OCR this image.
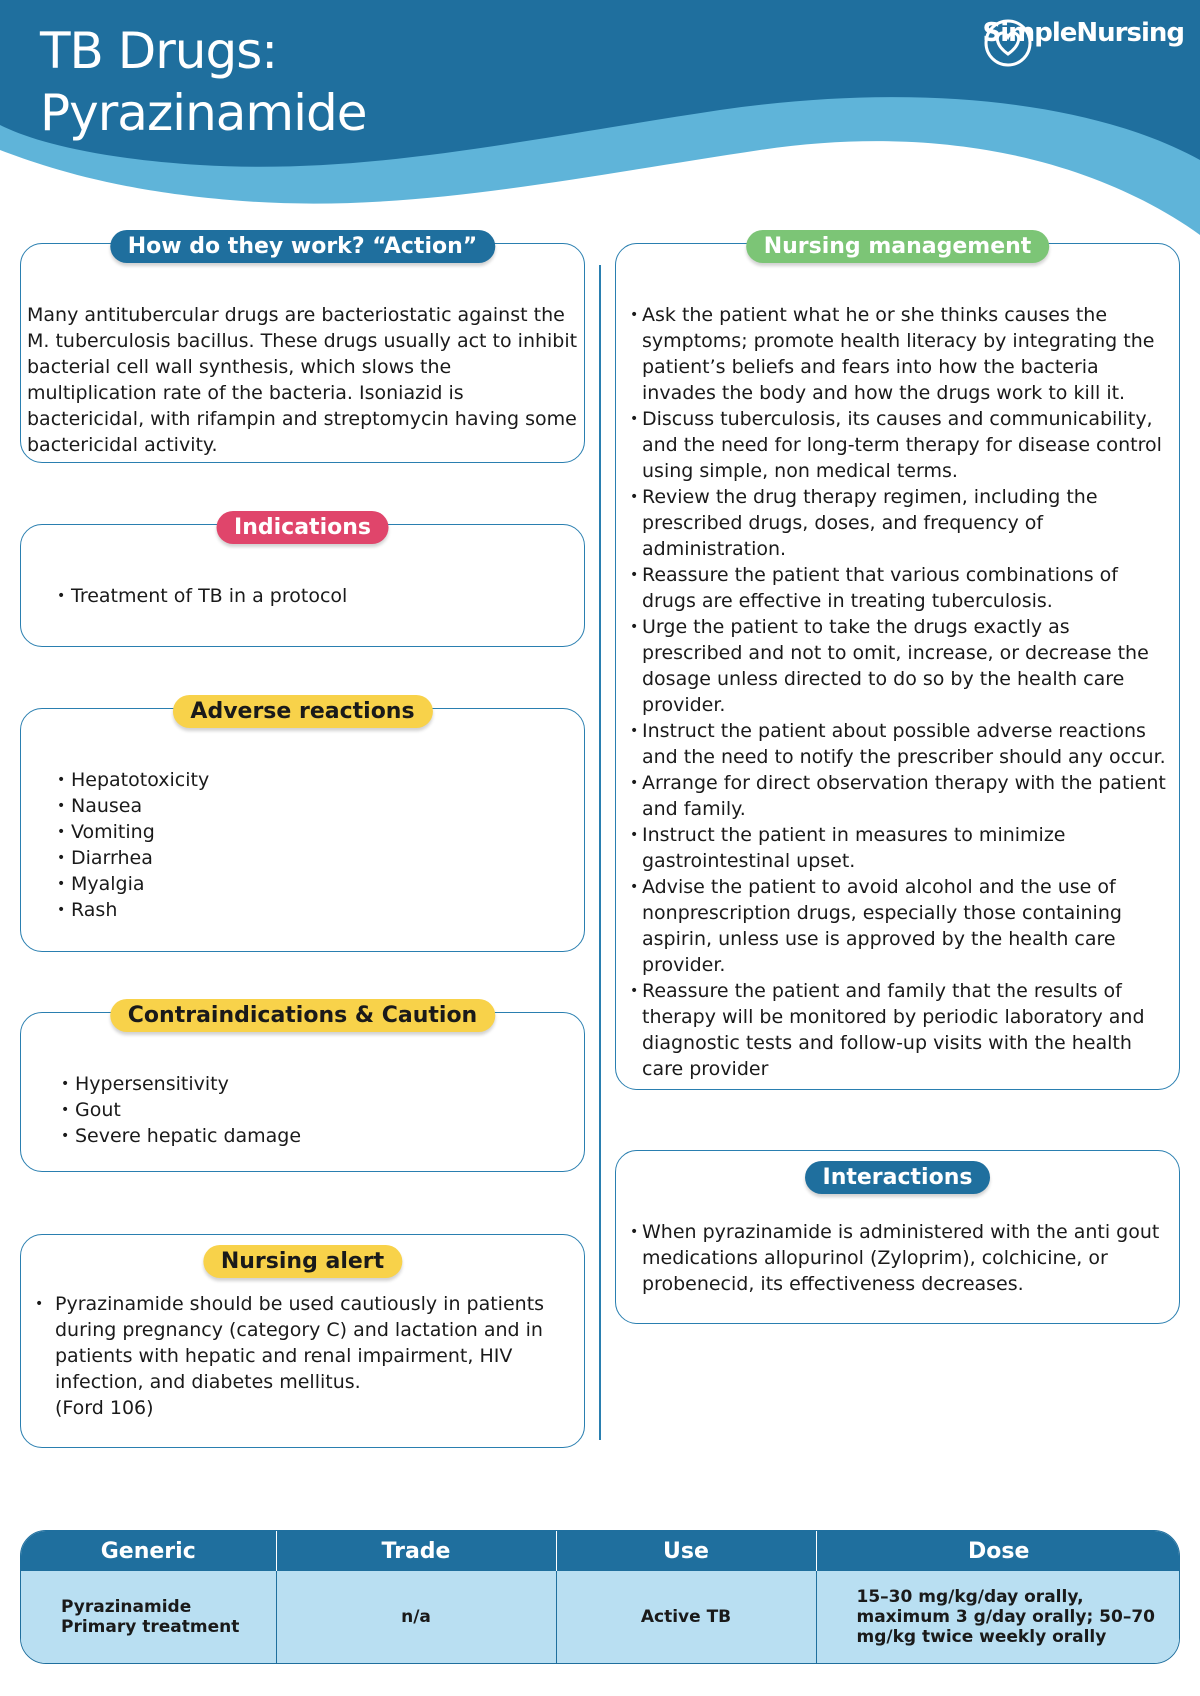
TB Drugs:
Pyrazinamide
SimpleNursing
How do they work? “Action”
Many antitubercular drugs are bacteriostatic against the M. tuberculosis bacillus. These drugs usually act to inhibit bacterial cell wall synthesis, which slows the multiplication rate of the bacteria. Isoniazid is bactericidal, with rifampin and streptomycin having some bactericidal activity.
Indications
• Treatment of TB in a protocol
Adverse reactions
• Hepatotoxicity
• Nausea
• Vomiting
• Diarrhea
• Myalgia
• Rash
Contraindications & Caution
• Hypersensitivity
• Gout
• Severe hepatic damage
Nursing alert
• Pyrazinamide should be used cautiously in patients during pregnancy (category C) and lactation and in patients with hepatic and renal impairment, HIV infection, and diabetes mellitus.
(Ford 106)
Nursing management
• Ask the patient what he or she thinks causes the symptoms; promote health literacy by integrating the patient’s beliefs and fears into how the bacteria invades the body and how the drugs work to kill it.
• Discuss tuberculosis, its causes and communicability, and the need for long-term therapy for disease control using simple, non medical terms.
• Review the drug therapy regimen, including the prescribed drugs, doses, and frequency of administration.
• Reassure the patient that various combinations of drugs are effective in treating tuberculosis.
• Urge the patient to take the drugs exactly as prescribed and not to omit, increase, or decrease the dosage unless directed to do so by the health care provider.
• Instruct the patient about possible adverse reactions and the need to notify the prescriber should any occur.
• Arrange for direct observation therapy with the patient and family.
• Instruct the patient in measures to minimize gastrointestinal upset.
• Advise the patient to avoid alcohol and the use of nonprescription drugs, especially those containing aspirin, unless use is approved by the health care provider.
• Reassure the patient and family that the results of therapy will be monitored by periodic laboratory and diagnostic tests and follow-up visits with the health care provider
Interactions
• When pyrazinamide is administered with the anti gout medications allopurinol (Zyloprim), colchicine, or probenecid, its effectiveness decreases.
Generic	Trade	Use	Dose

Pyrazinamide
Primary treatment	n/a	Active TB	15–30 mg/kg/day orally, maximum 3 g/day orally; 50–70 mg/kg twice weekly orally
